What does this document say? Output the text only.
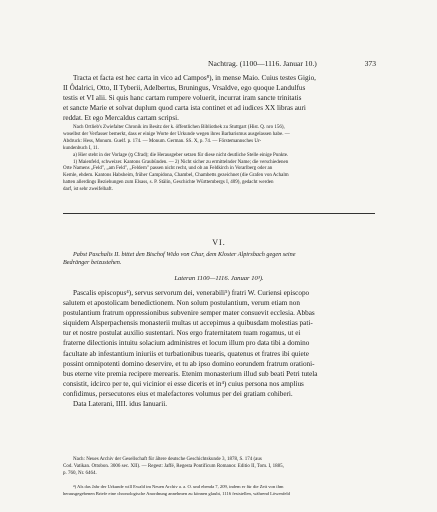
Nachtrag. (1100—1116. Januar 10.)	373
Tracta et facta est hec carta in vico ad Campos⁸), in mense Maio. Cuius testes Gigio,
II Ôdalrici, Otto, II Tyberii, Adelbertus, Bruningus, Vrsaldve, ego quoque Landulfus
testis et VI alii. Si quis hanc cartam rumpere voluerit, incurrat iram sancte trinitatis
et sancte Marie et solvat duplum quod carta ista continet et ad iudices XX libras auri
reddat. Et ego Mercaldus cartam scripsi.
Nach Ortlieb's Zwiefalter Chronik im Besitz der k. öffentlichen Bibliothek zu Stuttgart (Hist. Q. nro 156),
woselbst der Verfasser bemerkt, dass er einige Worte der Urkunde wegen ihres Barbarismus ausgelassen habe. —
Abdruck: Hess, Monum. Guelf. p. 174. — Monum. German. SS. X, p. 74. — Förstemannsches Ur-
kundenbuch I, 11.
a) Hier steht in der Vorlage (ꝯ Cfrad); die Herausgeber setzen für diese nicht deutliche Stelle einige Punkte.
1) Maienfeld, schweizer. Kantons Graubünden. — 2) Nicht sicher zu ermittelnder Name; die verschiedenen
Orte Namens „Feld", „am Feld", „Feldern" passen nicht recht, und ob an Feldkirch in Vorarlberg oder an
Kemle, ehdem. Kantons Habsheim, früher Campidona, Chambel, Chambetts gezeichnet (die Grafen von Achalm
hatten allerdings Beziehungen zum Elsass, s. P. Stälin, Geschichte Württembergs I, 409), gedacht werden
darf, ist sehr zweifelhaft.
VI.
Pabst Paschalis II. bittet den Bischof Wido von Chur, dem Kloster Alpirsbach gegen seine
Bedränger beizustehen.
Lateran 1100—1116. Januar 10³).
Pascalis episcopus⁴), servus servorum dei, venerabili⁵) fratri W. Curiensi episcopo
salutem et apostolicam benedictionem. Non solum postulantium, verum etiam non
postulantium fratrum oppressionibus subvenire semper mater consuevit ecclesia. Abbas
siquidem Alsperpachensis monasterii multas ut accepimus a quibusdam molestias pati-
tur et nostre postulat auxilio sustentari. Nos ergo fraternitatem tuam rogamus, ut ei
fraterne dilectionis intuitu solacium administres et locum illum pro data tibi a domino
facultate ab infestantium iniuriis et turbationibus tuearis, quatenus et fratres ibi quiete
possint omnipotenti domino deservire, et tu ab ipso domino eorundem fratrum orationi-
bus eterne vite premia recipere merearis. Etenim monasterium illud sub beati Petri tutela
consistit, idcirco per te, qui vicinior ei esse diceris et in⁴) cuius persona nos amplius
confidimus, persecutores eius et malefactores volumus per dei gratiam cohiberi.
Data Laterani, IIII. idus Ianuarii.
Nach: Neues Archiv der Gesellschaft für ältere deutsche Geschichtskunde 3, 1878, S. 174 (aus
Cod. Vatikan. Ottobon. 3006 sec. XII). — Regest: Jaffé, Regesta Pontificum Romanor. Editio II, Tom. I, 1885,
p. 760, Nr. 6464.
⁴) Als das Jahr der Urkunde will Ewald im Neuen Archiv a. a. O. und ebenda 7, 209, indem er für die Zeit von ihm
herausgegebenen Briefe eine chronologische Anordnung annehmen zu können glaubt, 1116 feststellen, während Löwenfeld
